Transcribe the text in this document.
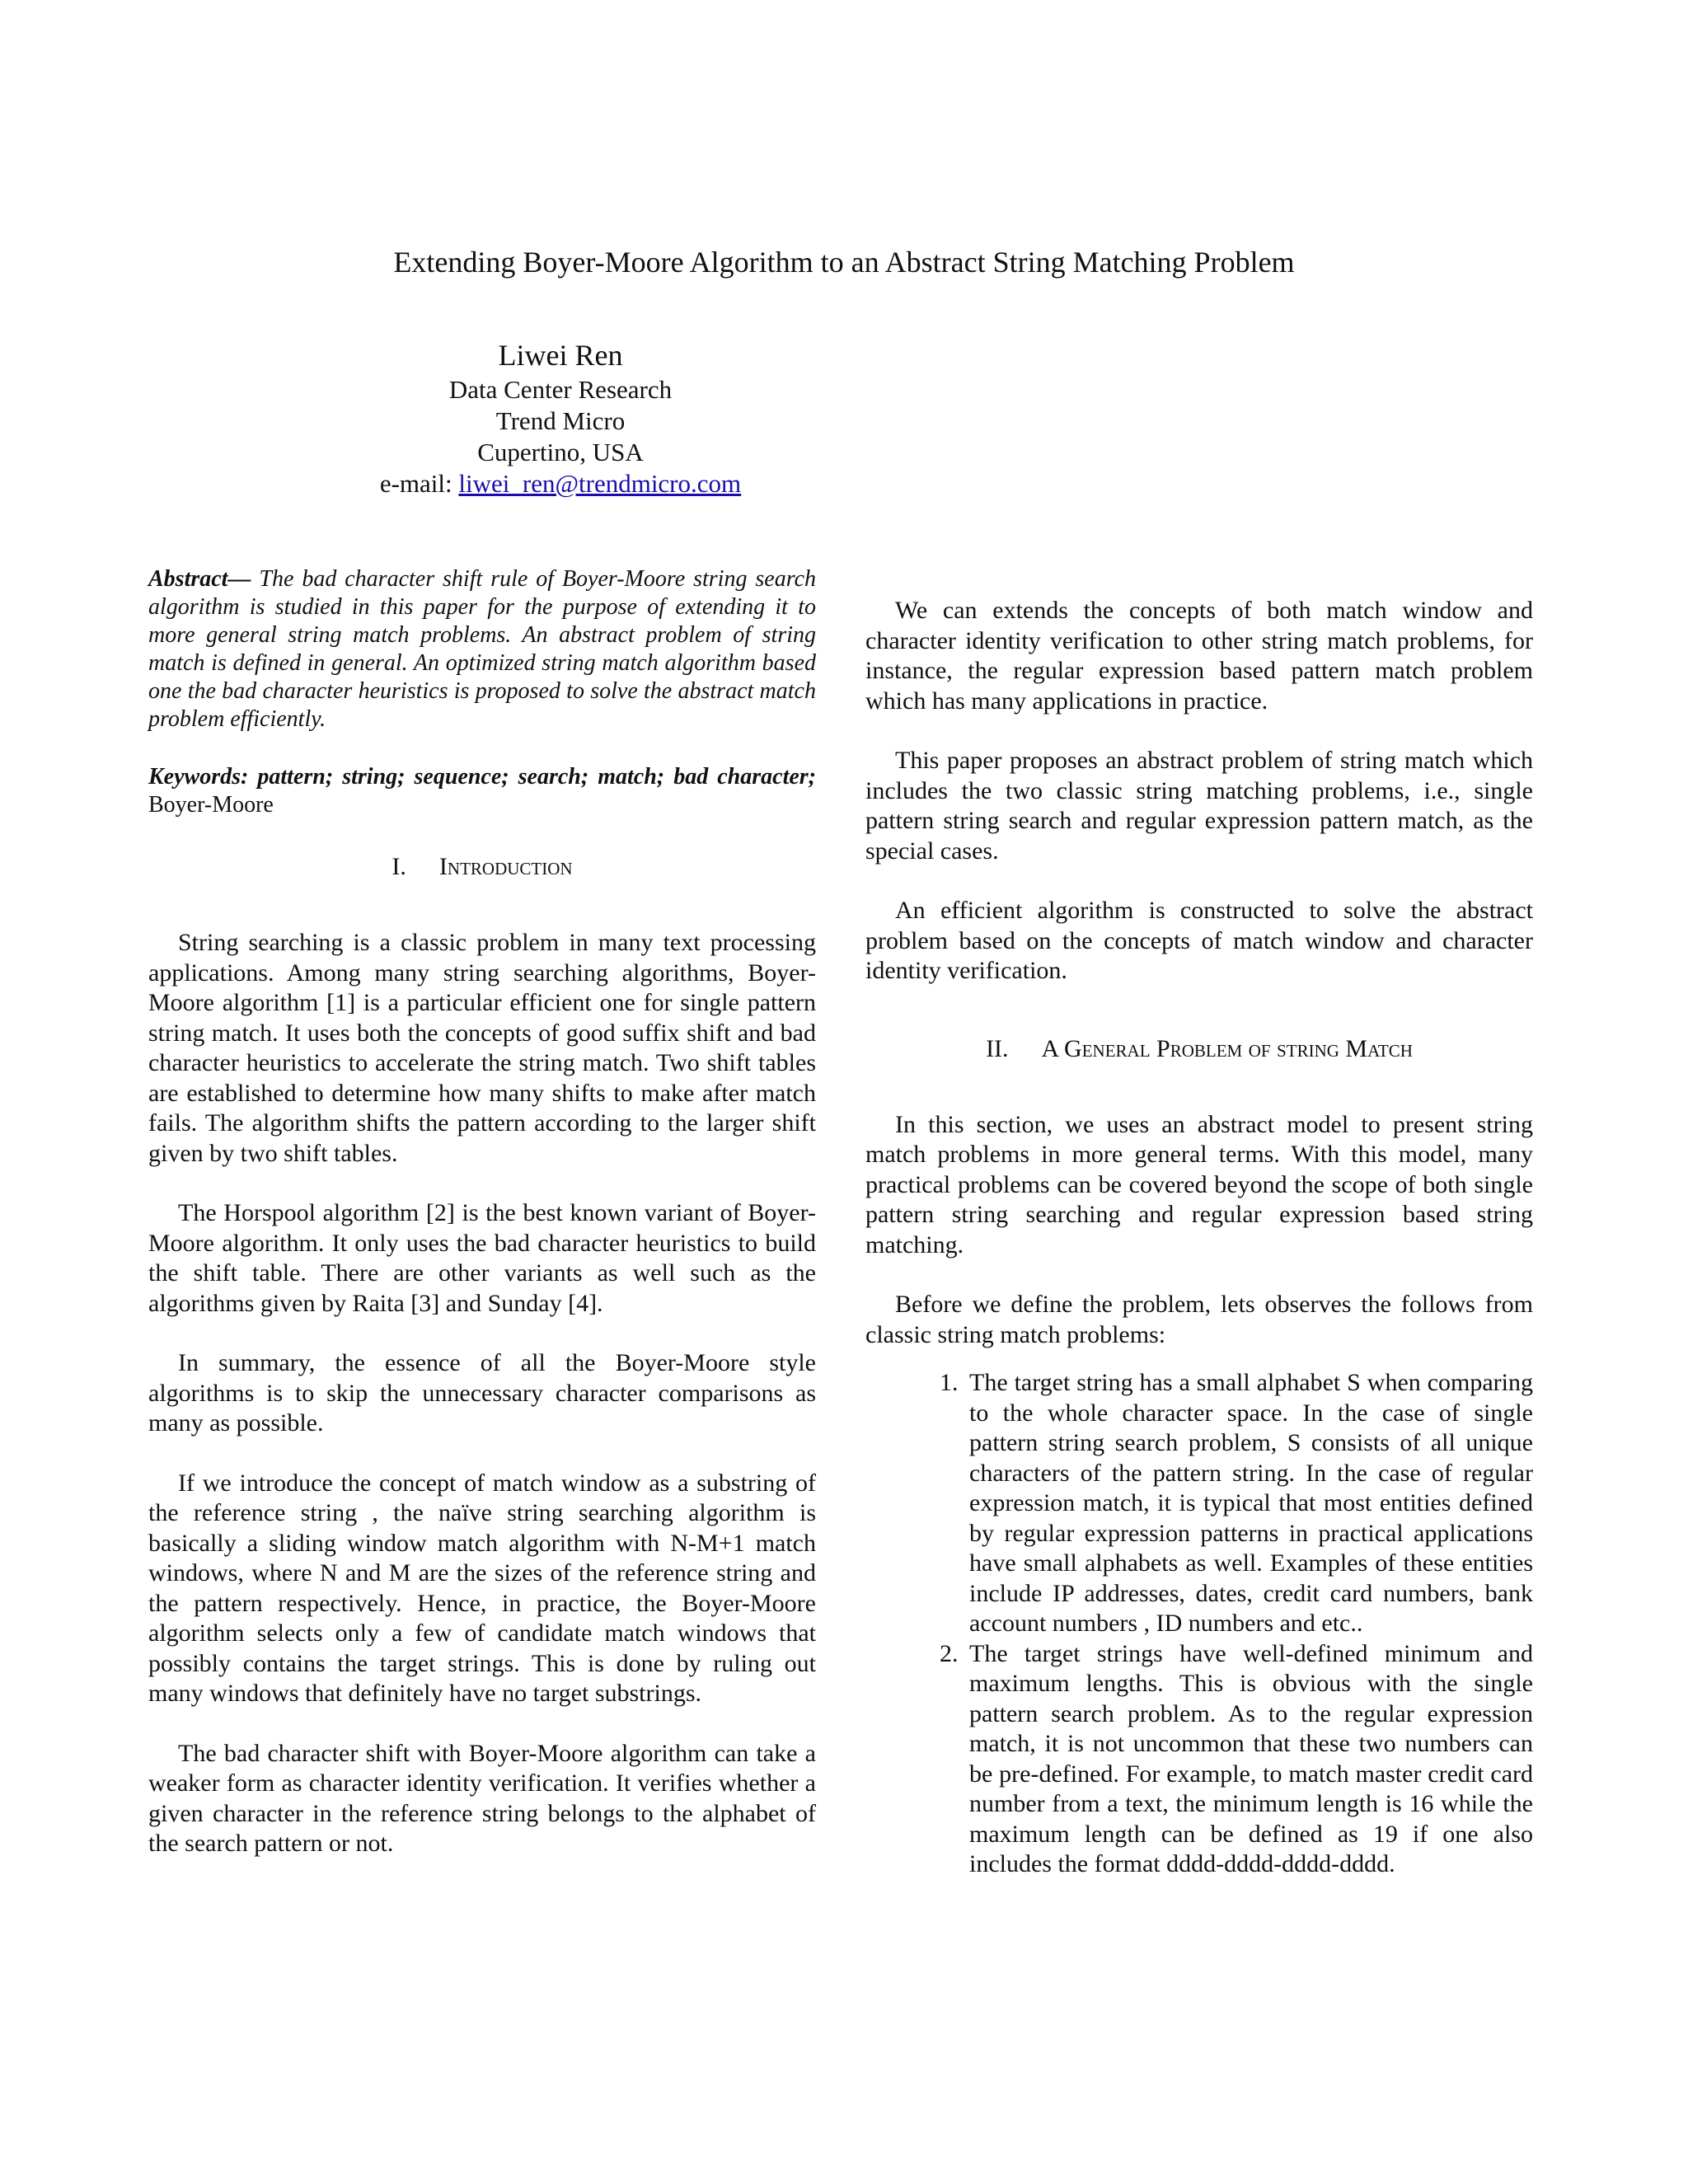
Extending Boyer-Moore Algorithm to an Abstract String Matching Problem
Liwei Ren
Data Center Research
Trend Micro
Cupertino, USA
e-mail: liwei_ren@trendmicro.com
Abstract— The bad character shift rule of Boyer-Moore string search algorithm is studied in this paper for the purpose of extending it to more general string match problems. An abstract problem of string match is defined in general. An optimized string match algorithm based one the bad character heuristics is proposed to solve the abstract match problem efficiently.
Keywords: pattern; string; sequence; search; match; bad character; Boyer-Moore
I. Introduction

String searching is a classic problem in many text processing applications. Among many string searching algorithms, Boyer-Moore algorithm [1] is a particular efficient one for single pattern string match. It uses both the concepts of good suffix shift and bad character heuristics to accelerate the string match. Two shift tables are established to determine how many shifts to make after match fails. The algorithm shifts the pattern according to the larger shift given by two shift tables.

The Horspool algorithm [2] is the best known variant of Boyer-Moore algorithm. It only uses the bad character heuristics to build the shift table. There are other variants as well such as the algorithms given by Raita [3] and Sunday [4].

In summary, the essence of all the Boyer-Moore style algorithms is to skip the unnecessary character comparisons as many as possible.

If we introduce the concept of match window as a substring of the reference string , the naïve string searching algorithm is basically a sliding window match algorithm with N-M+1 match windows, where N and M are the sizes of the reference string and the pattern respectively. Hence, in practice, the Boyer-Moore algorithm selects only a few of candidate match windows that possibly contains the target strings. This is done by ruling out many windows that definitely have no target substrings.

The bad character shift with Boyer-Moore algorithm can take a weaker form as character identity verification. It verifies whether a given character in the reference string belongs to the alphabet of the search pattern or not.

We can extends the concepts of both match window and character identity verification to other string match problems, for instance, the regular expression based pattern match problem which has many applications in practice.

This paper proposes an abstract problem of string match which includes the two classic string matching problems, i.e., single pattern string search and regular expression pattern match, as the special cases.

An efficient algorithm is constructed to solve the abstract problem based on the concepts of match window and character identity verification.

II. A General Problem of string Match

In this section, we uses an abstract model to present string match problems in more general terms. With this model, many practical problems can be covered beyond the scope of both single pattern string searching and regular expression based string matching.

Before we define the problem, lets observes the follows from classic string match problems:

1. The target string has a small alphabet S when comparing to the whole character space. In the case of single pattern string search problem, S consists of all unique characters of the pattern string. In the case of regular expression match, it is typical that most entities defined by regular expression patterns in practical applications have small alphabets as well. Examples of these entities include IP addresses, dates, credit card numbers, bank account numbers , ID numbers and etc..
2. The target strings have well-defined minimum and maximum lengths. This is obvious with the single pattern search problem. As to the regular expression match, it is not uncommon that these two numbers can be pre-defined. For example, to match master credit card number from a text, the minimum length is 16 while the maximum length can be defined as 19 if one also includes the format dddd-dddd-dddd-dddd.
